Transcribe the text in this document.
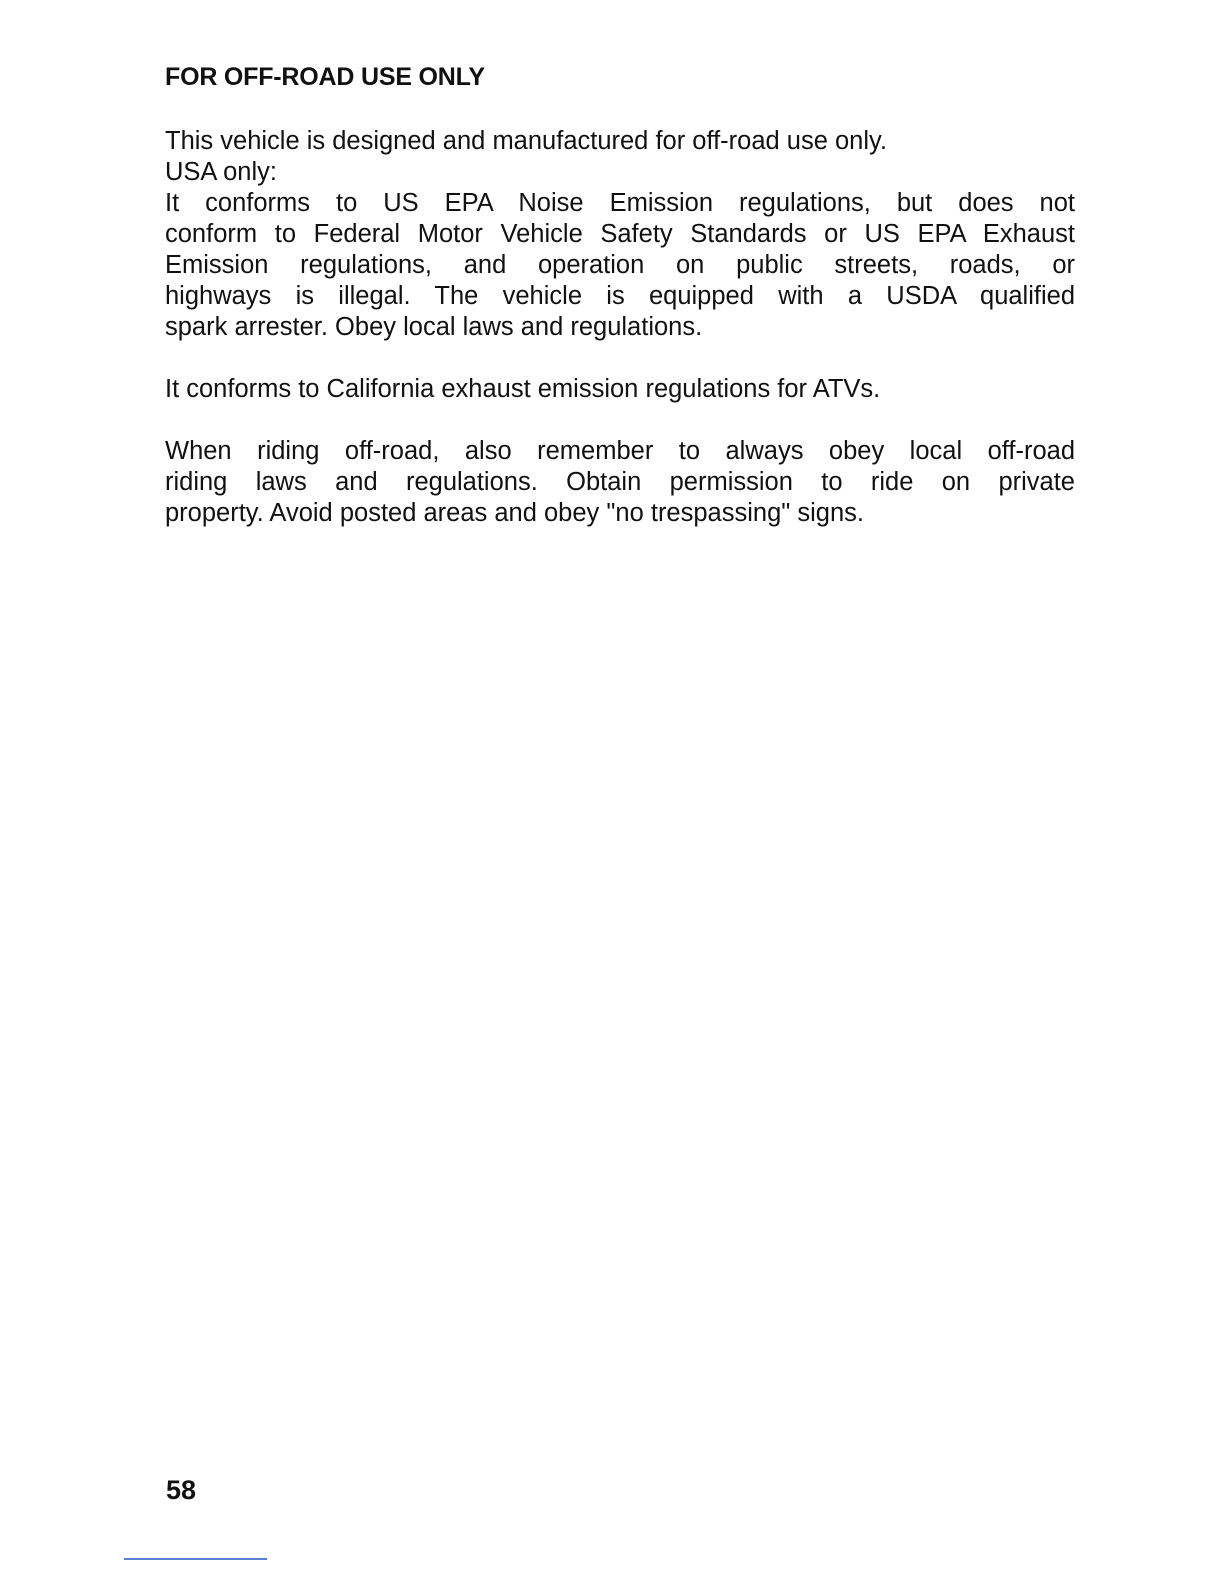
FOR OFF-ROAD USE ONLY
This vehicle is designed and manufactured for off-road use only.
USA only:
It conforms to US EPA Noise Emission regulations, but does not
conform to Federal Motor Vehicle Safety Standards or US EPA Exhaust
Emission regulations, and operation on public streets, roads, or
highways is illegal. The vehicle is equipped with a USDA qualified
spark arrester. Obey local laws and regulations.
It conforms to California exhaust emission regulations for ATVs.
When riding off-road, also remember to always obey local off-road
riding laws and regulations. Obtain permission to ride on private
property. Avoid posted areas and obey "no trespassing" signs.
58
